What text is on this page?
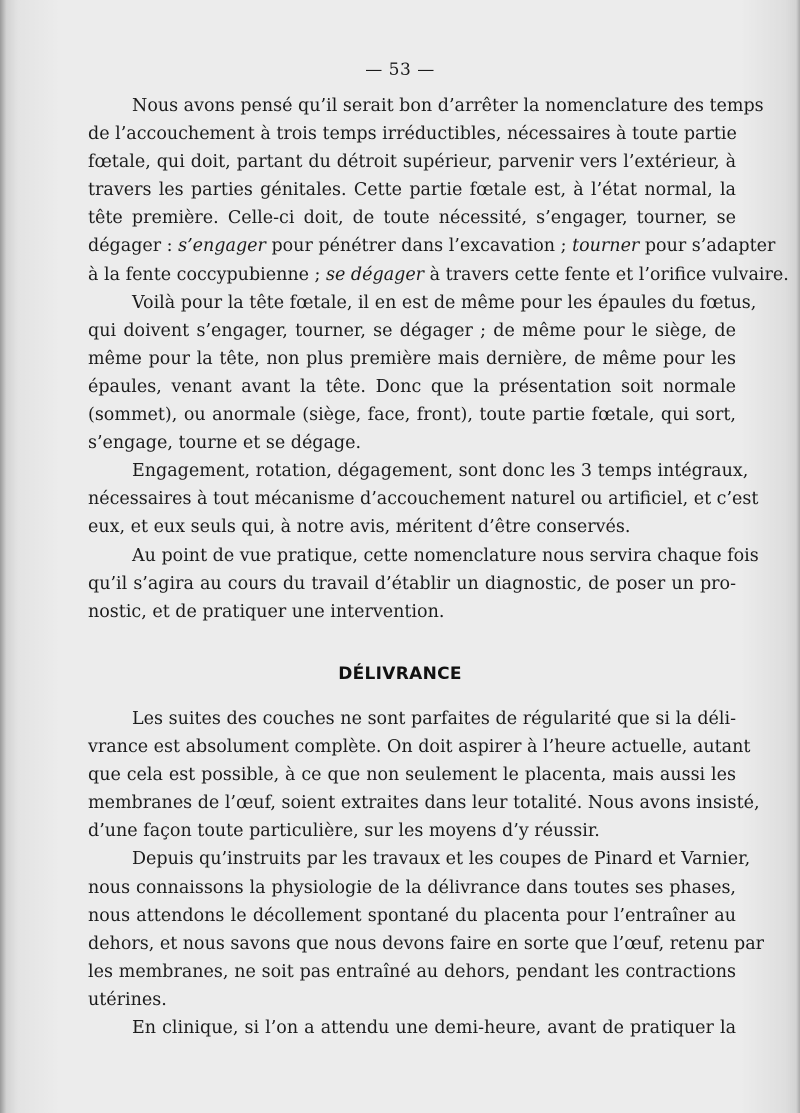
— 53 —
Nous avons pensé qu’il serait bon d’arrêter la nomenclature des temps
de l’accouchement à trois temps irréductibles, nécessaires à toute partie
fœtale, qui doit, partant du détroit supérieur, parvenir vers l’extérieur, à
travers les parties génitales. Cette partie fœtale est, à l’état normal, la
tête première. Celle-ci doit, de toute nécessité, s’engager, tourner, se
dégager : s’engager pour pénétrer dans l’excavation ; tourner pour s’adapter
à la fente coccypubienne ; se dégager à travers cette fente et l’orifice vulvaire.
Voilà pour la tête fœtale, il en est de même pour les épaules du fœtus,
qui doivent s’engager, tourner, se dégager ; de même pour le siège, de
même pour la tête, non plus première mais dernière, de même pour les
épaules, venant avant la tête. Donc que la présentation soit normale
(sommet), ou anormale (siège, face, front), toute partie fœtale, qui sort,
s’engage, tourne et se dégage.
Engagement, rotation, dégagement, sont donc les 3 temps intégraux,
nécessaires à tout mécanisme d’accouchement naturel ou artificiel, et c’est
eux, et eux seuls qui, à notre avis, méritent d’être conservés.
Au point de vue pratique, cette nomenclature nous servira chaque fois
qu’il s’agira au cours du travail d’établir un diagnostic, de poser un pro-
nostic, et de pratiquer une intervention.
DÉLIVRANCE
Les suites des couches ne sont parfaites de régularité que si la déli-
vrance est absolument complète. On doit aspirer à l’heure actuelle, autant
que cela est possible, à ce que non seulement le placenta, mais aussi les
membranes de l’œuf, soient extraites dans leur totalité. Nous avons insisté,
d’une façon toute particulière, sur les moyens d’y réussir.
Depuis qu’instruits par les travaux et les coupes de Pinard et Varnier,
nous connaissons la physiologie de la délivrance dans toutes ses phases,
nous attendons le décollement spontané du placenta pour l’entraîner au
dehors, et nous savons que nous devons faire en sorte que l’œuf, retenu par
les membranes, ne soit pas entraîné au dehors, pendant les contractions
utérines.
En clinique, si l’on a attendu une demi-heure, avant de pratiquer la
